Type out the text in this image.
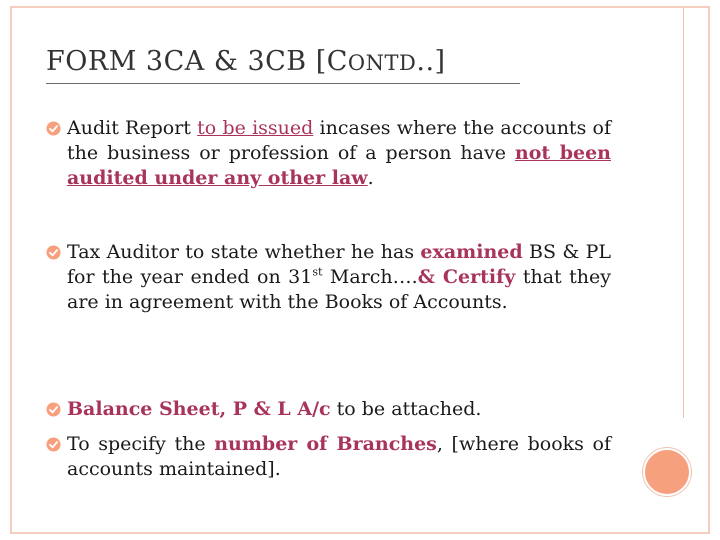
FORM 3CA & 3CB [CONTD..]
Audit Report to be issued incases where the accounts of the business or profession of a person have not been audited under any other law.
Tax Auditor to state whether he has examined BS & PL for the year ended on 31st March….& Certify that they are in agreement with the Books of Accounts.
Balance Sheet, P & L A/c to be attached.
To specify the number of Branches, [where books of accounts maintained].
